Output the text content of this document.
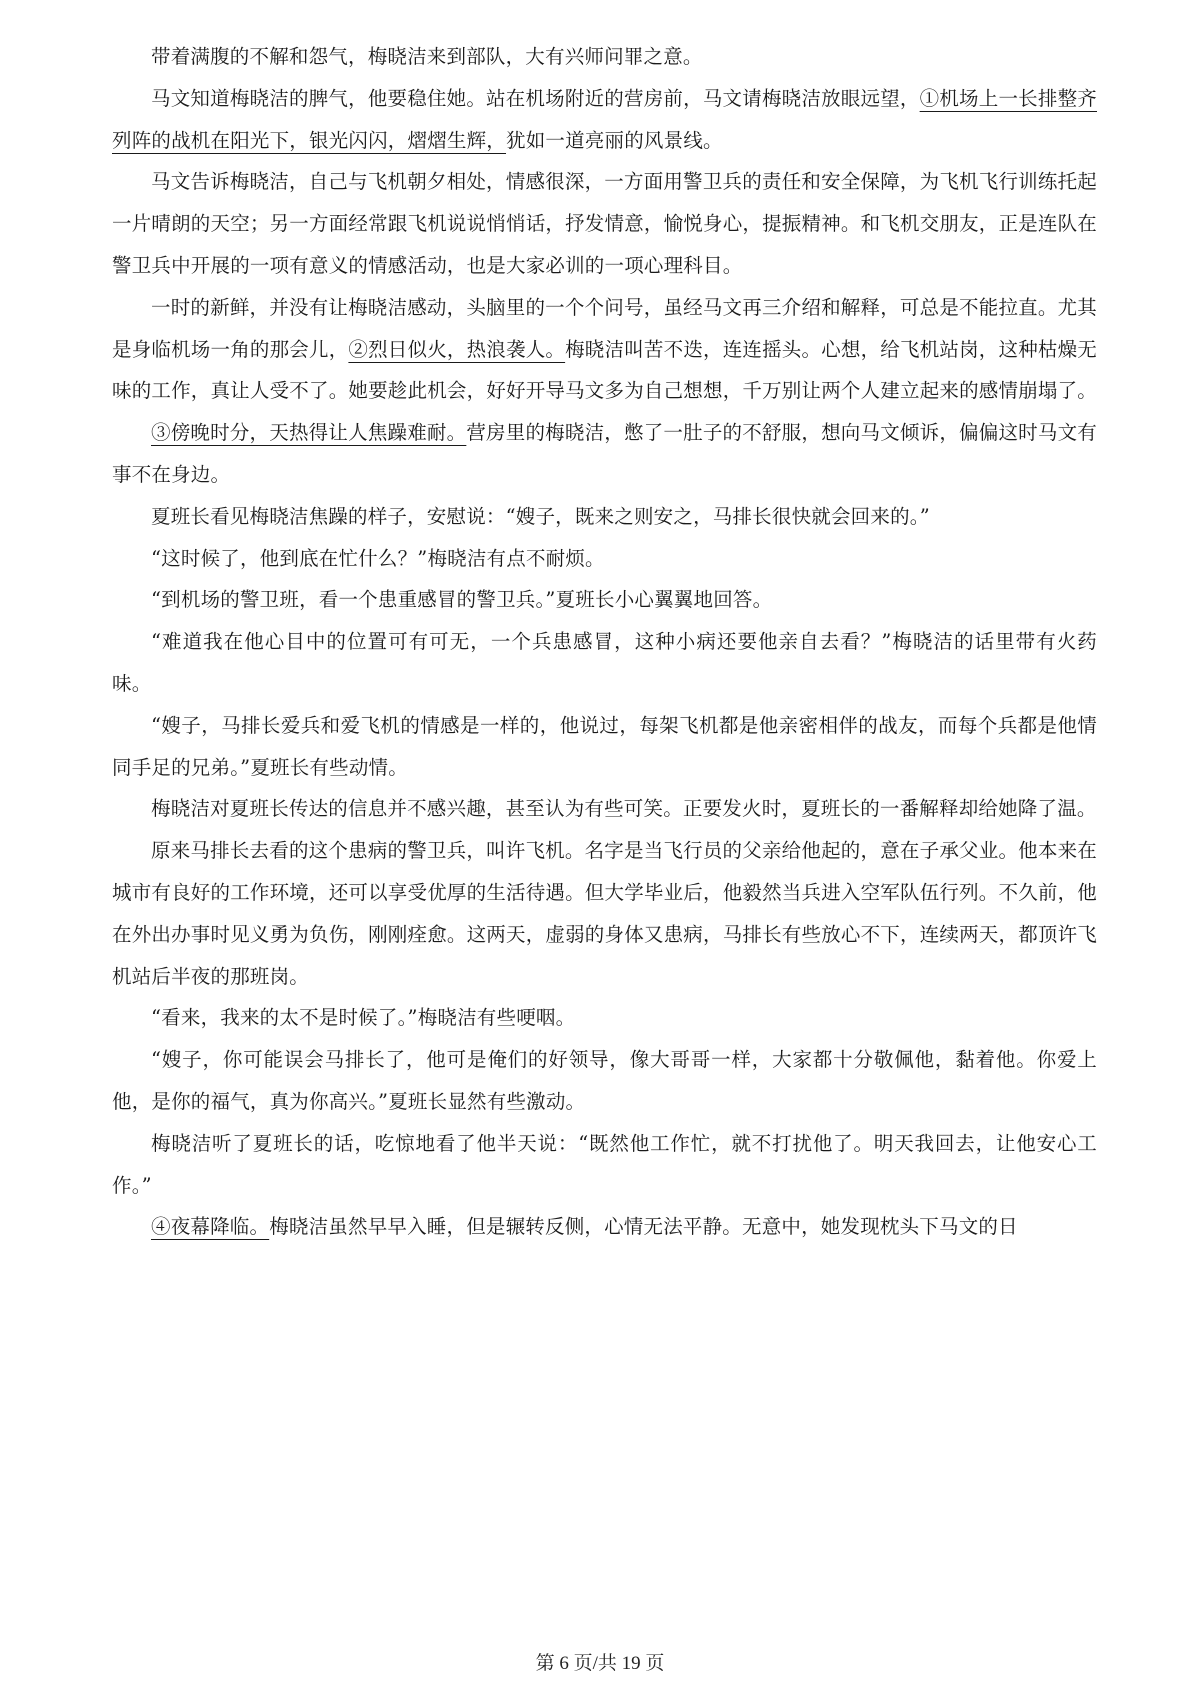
带着满腹的不解和怨气，梅晓洁来到部队，大有兴师问罪之意。

马文知道梅晓洁的脾气，他要稳住她。站在机场附近的营房前，马文请梅晓洁放眼远望，①机场上一长排整齐列阵的战机在阳光下，银光闪闪，熠熠生辉，犹如一道亮丽的风景线。

马文告诉梅晓洁，自己与飞机朝夕相处，情感很深，一方面用警卫兵的责任和安全保障，为飞机飞行训练托起一片晴朗的天空；另一方面经常跟飞机说说悄悄话，抒发情意，愉悦身心，提振精神。和飞机交朋友，正是连队在警卫兵中开展的一项有意义的情感活动，也是大家必训的一项心理科目。

一时的新鲜，并没有让梅晓洁感动，头脑里的一个个问号，虽经马文再三介绍和解释，可总是不能拉直。尤其是身临机场一角的那会儿，②烈日似火，热浪袭人。梅晓洁叫苦不迭，连连摇头。心想，给飞机站岗，这种枯燥无味的工作，真让人受不了。她要趁此机会，好好开导马文多为自己想想，千万别让两个人建立起来的感情崩塌了。

③傍晚时分，天热得让人焦躁难耐。营房里的梅晓洁，憋了一肚子的不舒服，想向马文倾诉，偏偏这时马文有事不在身边。

夏班长看见梅晓洁焦躁的样子，安慰说：“嫂子，既来之则安之，马排长很快就会回来的。”

“这时候了，他到底在忙什么？”梅晓洁有点不耐烦。

“到机场的警卫班，看一个患重感冒的警卫兵。”夏班长小心翼翼地回答。

“难道我在他心目中的位置可有可无，一个兵患感冒，这种小病还要他亲自去看？”梅晓洁的话里带有火药味。

“嫂子，马排长爱兵和爱飞机的情感是一样的，他说过，每架飞机都是他亲密相伴的战友，而每个兵都是他情同手足的兄弟。”夏班长有些动情。

梅晓洁对夏班长传达的信息并不感兴趣，甚至认为有些可笑。正要发火时，夏班长的一番解释却给她降了温。

原来马排长去看的这个患病的警卫兵，叫许飞机。名字是当飞行员的父亲给他起的，意在子承父业。他本来在城市有良好的工作环境，还可以享受优厚的生活待遇。但大学毕业后，他毅然当兵进入空军队伍行列。不久前，他在外出办事时见义勇为负伤，刚刚痊愈。这两天，虚弱的身体又患病，马排长有些放心不下，连续两天，都顶许飞机站后半夜的那班岗。

“看来，我来的太不是时候了。”梅晓洁有些哽咽。

“嫂子，你可能误会马排长了，他可是俺们的好领导，像大哥哥一样，大家都十分敬佩他，黏着他。你爱上他，是你的福气，真为你高兴。”夏班长显然有些激动。

梅晓洁听了夏班长的话，吃惊地看了他半天说：“既然他工作忙，就不打扰他了。明天我回去，让他安心工作。”

④夜幕降临。梅晓洁虽然早早入睡，但是辗转反侧，心情无法平静。无意中，她发现枕头下马文的日

第 6 页/共 19 页
